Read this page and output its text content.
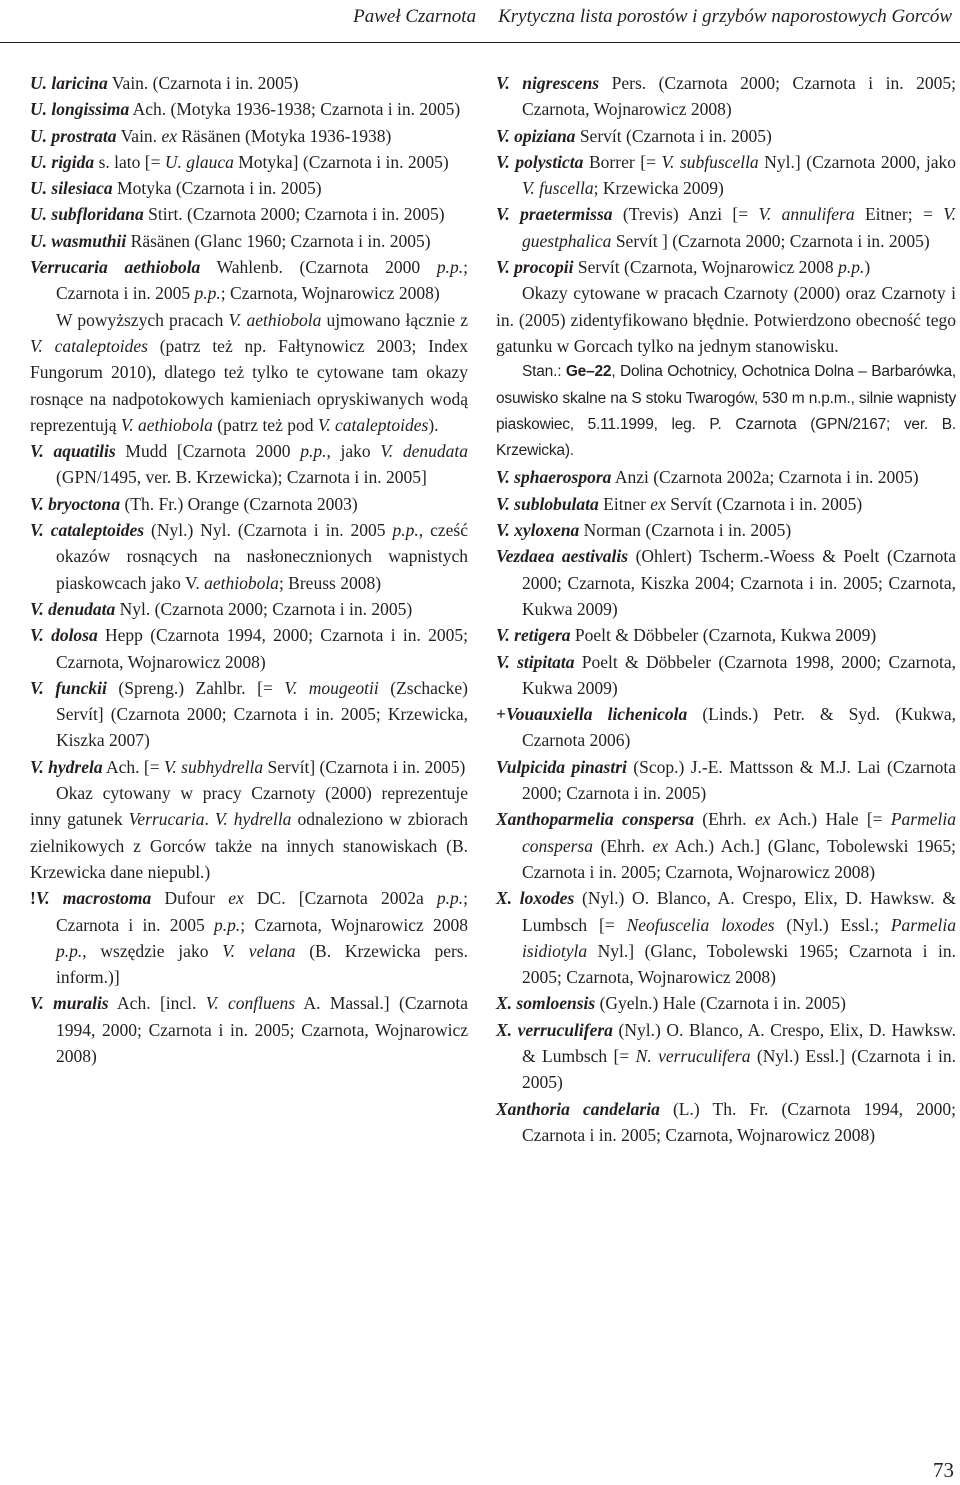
Paweł Czarnota Krytyczna lista porostów i grzybów naporostowych Gorców

U. laricina Vain. (Czarnota i in. 2005)

U. longissima Ach. (Motyka 1936-1938; Czarnota i in. 2005)

U. prostrata Vain. ex Räsänen (Motyka 1936-1938)

U. rigida s. lato [= U. glauca Motyka] (Czarnota i in. 2005)

U. silesiaca Motyka (Czarnota i in. 2005)

U. subfloridana Stirt. (Czarnota 2000; Czarnota i in. 2005)

U. wasmuthii Räsänen (Glanc 1960; Czarnota i in. 2005)

Verrucaria aethiobola Wahlenb. (Czarnota 2000 p.p.; Czarnota i in. 2005 p.p.; Czarnota, Wojnarowicz 2008)

W powyższych pracach V. aethiobola ujmowano łącznie z V. cataleptoides (patrz też np. Fałtynowicz 2003; Index Fungorum 2010), dlatego też tylko te cytowane tam okazy rosnące na nadpotokowych kamieniach opryskiwanych wodą reprezentują V. aethiobola (patrz też pod V. cataleptoides).

V. aquatilis Mudd [Czarnota 2000 p.p., jako V. denudata (GPN/1495, ver. B. Krzewicka); Czarnota i in. 2005]

V. bryoctona (Th. Fr.) Orange (Czarnota 2003)

V. cataleptoides (Nyl.) Nyl. (Czarnota i in. 2005 p.p., cześć okazów rosnących na nasłonecznionych wapnistych piaskowcach jako V. aethiobola; Breuss 2008)

V. denudata Nyl. (Czarnota 2000; Czarnota i in. 2005)

V. dolosa Hepp (Czarnota 1994, 2000; Czarnota i in. 2005; Czarnota, Wojnarowicz 2008)

V. funckii (Spreng.) Zahlbr. [= V. mougeotii (Zschacke) Servít] (Czarnota 2000; Czarnota i in. 2005; Krzewicka, Kiszka 2007)

V. hydrela Ach. [= V. subhydrella Servít] (Czarnota i in. 2005)

Okaz cytowany w pracy Czarnoty (2000) reprezentuje inny gatunek Verrucaria. V. hydrella odnaleziono w zbiorach zielnikowych z Gorców także na innych stanowiskach (B. Krzewicka dane niepubl.)

!V. macrostoma Dufour ex DC. [Czarnota 2002a p.p.; Czarnota i in. 2005 p.p.; Czarnota, Wojnarowicz 2008 p.p., wszędzie jako V. velana (B. Krzewicka pers. inform.)]

V. muralis Ach. [incl. V. confluens A. Massal.] (Czarnota 1994, 2000; Czarnota i in. 2005; Czarnota, Wojnarowicz 2008)

V. nigrescens Pers. (Czarnota 2000; Czarnota i in. 2005; Czarnota, Wojnarowicz 2008)

V. opiziana Servít (Czarnota i in. 2005)

V. polysticta Borrer [= V. subfuscella Nyl.] (Czarnota 2000, jako V. fuscella; Krzewicka 2009)

V. praetermissa (Trevis) Anzi [= V. annulifera Eitner; = V. guestphalica Servít ] (Czarnota 2000; Czarnota i in. 2005)

V. procopii Servít (Czarnota, Wojnarowicz 2008 p.p.)

Okazy cytowane w pracach Czarnoty (2000) oraz Czarnoty i in. (2005) zidentyfikowano błędnie. Potwierdzono obecność tego gatunku w Gorcach tylko na jednym stanowisku.

Stan.: Ge–22, Dolina Ochotnicy, Ochotnica Dolna – Barbarówka, osuwisko skalne na S stoku Twarogów, 530 m n.p.m., silnie wapnisty piaskowiec, 5.11.1999, leg. P. Czarnota (GPN/2167; ver. B. Krzewicka).

V. sphaerospora Anzi (Czarnota 2002a; Czarnota i in. 2005)

V. sublobulata Eitner ex Servít (Czarnota i in. 2005)

V. xyloxena Norman (Czarnota i in. 2005)

Vezdaea aestivalis (Ohlert) Tscherm.-Woess & Poelt (Czarnota 2000; Czarnota, Kiszka 2004; Czarnota i in. 2005; Czarnota, Kukwa 2009)

V. retigera Poelt & Döbbeler (Czarnota, Kukwa 2009)

V. stipitata Poelt & Döbbeler (Czarnota 1998, 2000; Czarnota, Kukwa 2009)

+Vouauxiella lichenicola (Linds.) Petr. & Syd. (Kukwa, Czarnota 2006)

Vulpicida pinastri (Scop.) J.-E. Mattsson & M.J. Lai (Czarnota 2000; Czarnota i in. 2005)

Xanthoparmelia conspersa (Ehrh. ex Ach.) Hale [= Parmelia conspersa (Ehrh. ex Ach.) Ach.] (Glanc, Tobolewski 1965; Czarnota i in. 2005; Czarnota, Wojnarowicz 2008)

X. loxodes (Nyl.) O. Blanco, A. Crespo, Elix, D. Hawksw. & Lumbsch [= Neofuscelia loxodes (Nyl.) Essl.; Parmelia isidiotyla Nyl.] (Glanc, Tobolewski 1965; Czarnota i in. 2005; Czarnota, Wojnarowicz 2008)

X. somloensis (Gyeln.) Hale (Czarnota i in. 2005)

X. verruculifera (Nyl.) O. Blanco, A. Crespo, Elix, D. Hawksw. & Lumbsch [= N. verruculifera (Nyl.) Essl.] (Czarnota i in. 2005)

Xanthoria candelaria (L.) Th. Fr. (Czarnota 1994, 2000; Czarnota i in. 2005; Czarnota, Wojnarowicz 2008)

73
